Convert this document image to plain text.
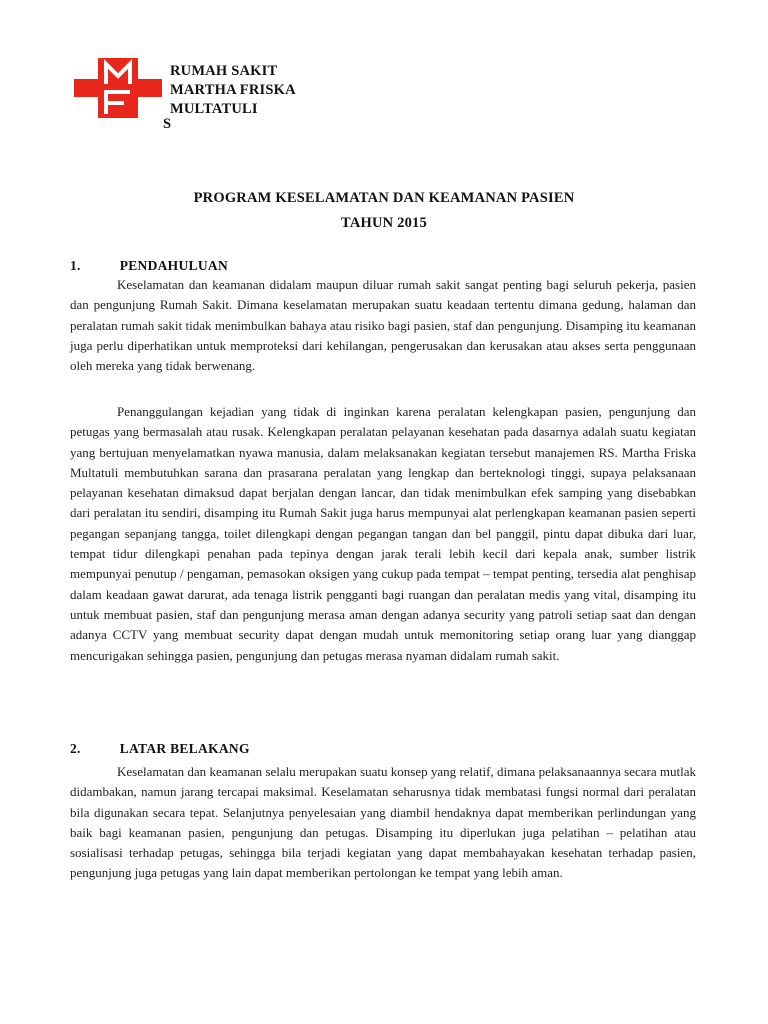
RUMAH SAKIT
MARTHA FRISKA
MULTATULI
S
PROGRAM KESELAMATAN DAN KEAMANAN PASIEN
TAHUN 2015
1.	PENDAHULUAN
Keselamatan dan keamanan didalam maupun diluar rumah sakit sangat penting bagi seluruh pekerja, pasien dan pengunjung Rumah Sakit. Dimana keselamatan merupakan suatu keadaan tertentu dimana gedung, halaman dan peralatan rumah sakit tidak menimbulkan bahaya atau risiko bagi pasien, staf dan pengunjung. Disamping itu keamanan juga perlu diperhatikan untuk memproteksi dari kehilangan, pengerusakan dan kerusakan atau akses serta penggunaan oleh mereka yang tidak berwenang.
Penanggulangan kejadian yang tidak di inginkan karena peralatan kelengkapan pasien, pengunjung dan petugas yang bermasalah atau rusak. Kelengkapan peralatan pelayanan kesehatan pada dasarnya adalah suatu kegiatan yang bertujuan menyelamatkan nyawa manusia, dalam melaksanakan kegiatan tersebut manajemen RS. Martha Friska Multatuli membutuhkan sarana dan prasarana peralatan yang lengkap dan berteknologi tinggi, supaya pelaksanaan pelayanan kesehatan dimaksud dapat berjalan dengan lancar, dan tidak menimbulkan efek samping yang disebabkan dari peralatan itu sendiri, disamping itu Rumah Sakit juga harus mempunyai alat perlengkapan keamanan pasien seperti pegangan sepanjang tangga, toilet dilengkapi dengan pegangan tangan dan bel panggil, pintu dapat dibuka dari luar, tempat tidur dilengkapi penahan pada tepinya dengan jarak terali lebih kecil dari kepala anak, sumber listrik mempunyai penutup / pengaman, pemasokan oksigen yang cukup pada tempat – tempat penting, tersedia alat penghisap dalam keadaan gawat darurat, ada tenaga listrik pengganti bagi ruangan dan peralatan medis yang vital, disamping itu untuk membuat pasien, staf dan pengunjung merasa aman dengan adanya security yang patroli setiap saat dan dengan adanya CCTV yang membuat security dapat dengan mudah untuk memonitoring setiap orang luar yang dianggap mencurigakan sehingga pasien, pengunjung dan petugas merasa nyaman didalam rumah sakit.
2.	LATAR BELAKANG
Keselamatan dan keamanan selalu merupakan suatu konsep yang relatif, dimana pelaksanaannya secara mutlak didambakan, namun jarang tercapai maksimal. Keselamatan seharusnya tidak membatasi fungsi normal dari peralatan bila digunakan secara tepat. Selanjutnya penyelesaian yang diambil hendaknya dapat memberikan perlindungan yang baik bagi keamanan pasien, pengunjung dan petugas. Disamping itu diperlukan juga pelatihan – pelatihan atau sosialisasi terhadap petugas, sehingga bila terjadi kegiatan yang dapat membahayakan kesehatan terhadap pasien, pengunjung juga petugas yang lain dapat memberikan pertolongan ke tempat yang lebih aman.
